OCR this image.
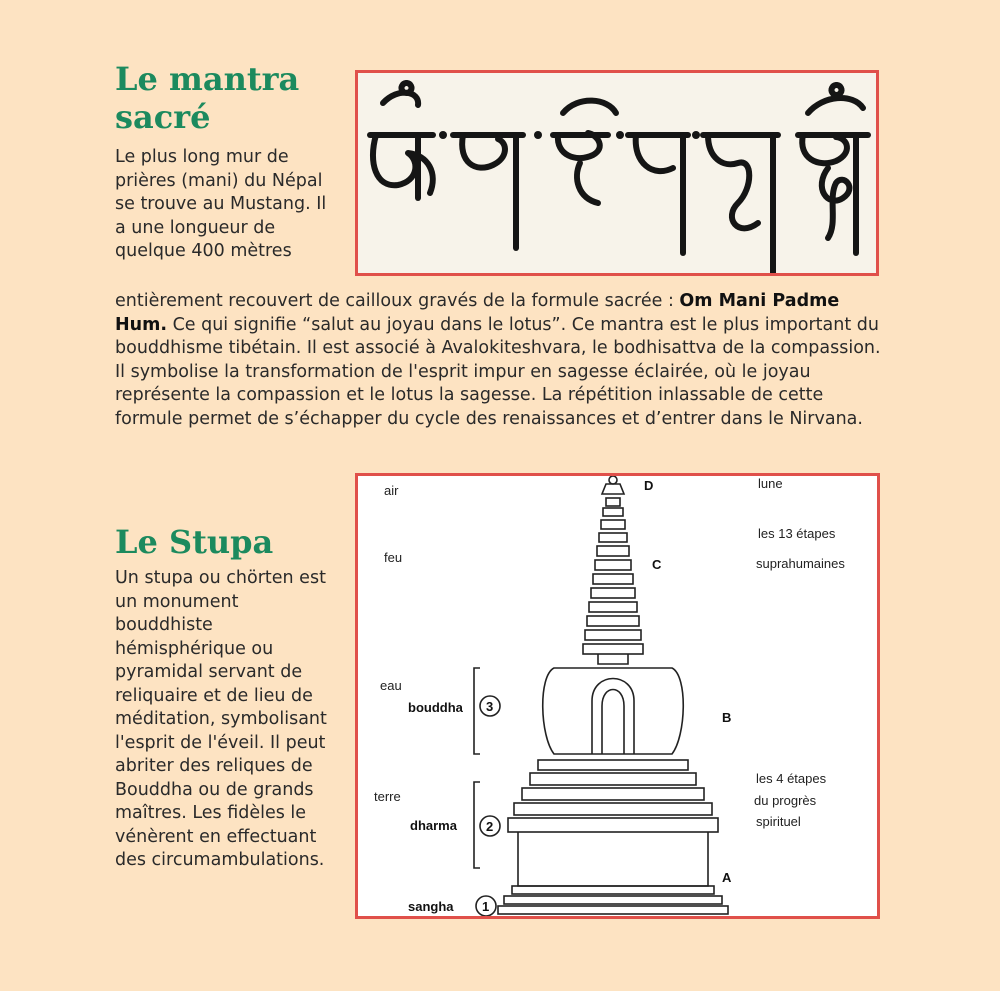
Le mantra sacré

Le plus long mur de prières (mani) du Népal se trouve au Mustang. Il a une longueur de quelque 400 mètres

entièrement recouvert de cailloux gravés de la formule sacrée : Om Mani Padme Hum. Ce qui signifie “salut au joyau dans le lotus”. Ce mantra est le plus important du bouddhisme tibétain. Il est associé à Avalokiteshvara, le bodhisattva de la compassion. Il symbolise la transformation de l'esprit impur en sagesse éclairée, où le joyau représente la compassion et le lotus la sagesse. La répétition inlassable de cette formule permet de s’échapper du cycle des renaissances et d’entrer dans le Nirvana.

Le Stupa

Un stupa ou chörten est un monument bouddhiste hémisphérique ou pyramidal servant de reliquaire et de lieu de méditation, symbolisant l'esprit de l'éveil. Il peut abriter des reliques de Bouddha ou de grands maîtres. Les fidèles le vénèrent en effectuant des circumambulations.

air
feu
eau
terre
bouddha
dharma
sangha
3
2
1
D
C
B
A
lune
les 13 étapes
suprahumaines
les 4 étapes
du progrès
spirituel
